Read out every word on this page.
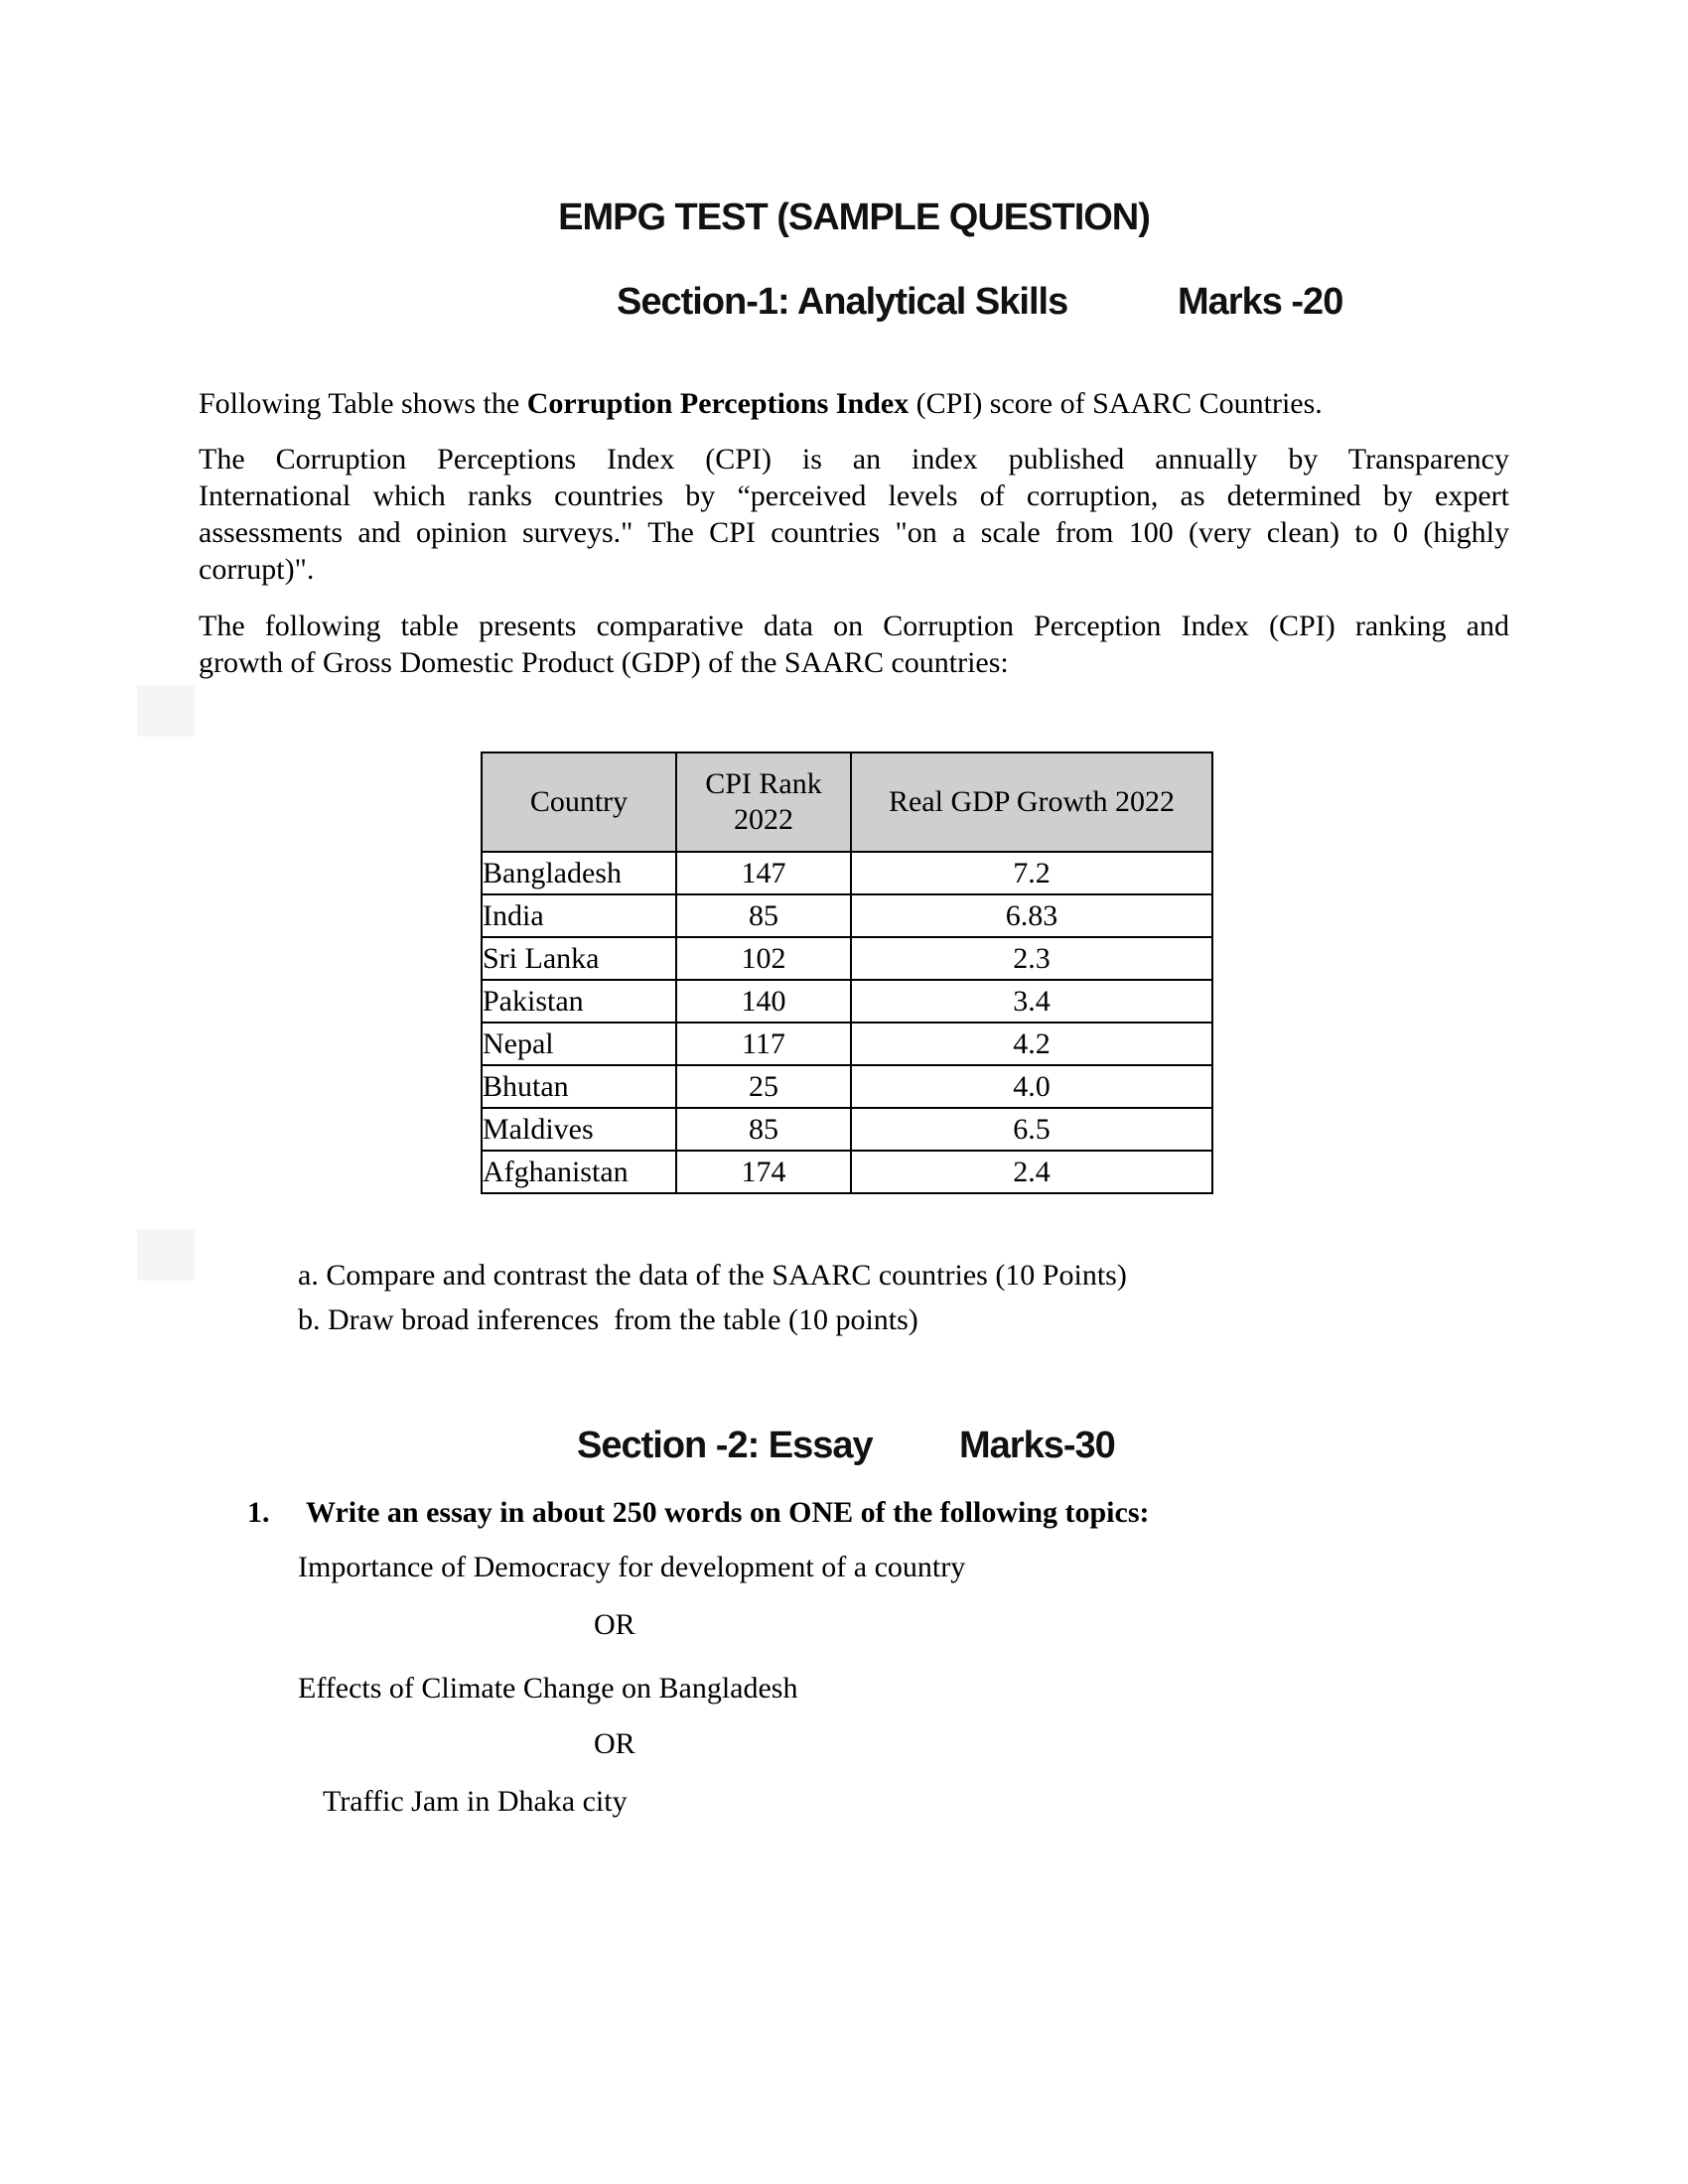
EMPG TEST (SAMPLE QUESTION)
Section-1: Analytical Skills	Marks -20
Following Table shows the Corruption Perceptions Index (CPI) score of SAARC Countries.
The Corruption Perceptions Index (CPI) is an index published annually by Transparency
International which ranks countries by “perceived levels of corruption, as determined by expert
assessments and opinion surveys." The CPI countries "on a scale from 100 (very clean) to 0 (highly
corrupt)".
The following table presents comparative data on Corruption Perception Index (CPI) ranking and
growth of Gross Domestic Product (GDP) of the SAARC countries:
Country	CPI Rank 2022	Real GDP Growth 2022
Bangladesh	147	7.2
India	85	6.83
Sri Lanka	102	2.3
Pakistan	140	3.4
Nepal	117	4.2
Bhutan	25	4.0
Maldives	85	6.5
Afghanistan	174	2.4
a. Compare and contrast the data of the SAARC countries (10 Points)
b. Draw broad inferences  from the table (10 points)
Section -2: Essay Marks-30
1. Write an essay in about 250 words on ONE of the following topics:
Importance of Democracy for development of a country
OR
Effects of Climate Change on Bangladesh
OR
Traffic Jam in Dhaka city
